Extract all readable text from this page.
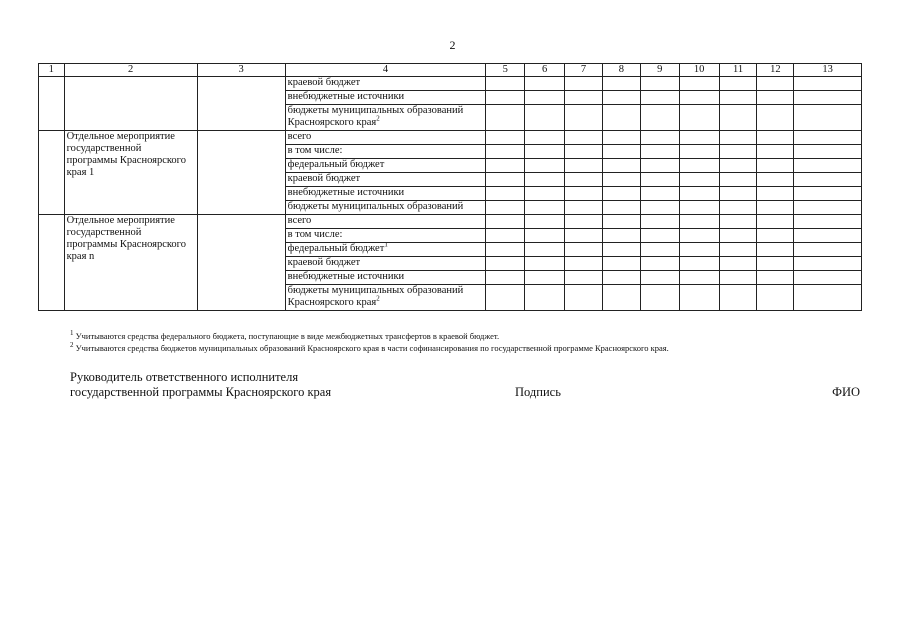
2
1	2	3	4	5	6	7	8	9	10	11	12	13
			краевой бюджет									
			внебюджетные источники									
			бюджеты муниципальных образований Красноярского края$^2$									
	Отдельное мероприятие государственной программы Красноярского края 1		всего									
			в том числе:									
			федеральный бюджет									
			краевой бюджет									
			внебюджетные источники									
			бюджеты муниципальных образований									
	Отдельное мероприятие государственной программы Красноярского края n		всего									
			в том числе:									
			федеральный бюджет$^1$									
			краевой бюджет									
			внебюджетные источники									
			бюджеты муниципальных образований Красноярского края$^2$									
$^1$ Учитываются средства федерального бюджета, поступающие в виде межбюджетных трансфертов в краевой бюджет.
$^2$ Учитываются средства бюджетов муниципальных образований Красноярского края в части софинансирования по государственной программе Красноярского края.
Руководитель ответственного исполнителя
государственной программы Красноярского края	Подпись	ФИО
